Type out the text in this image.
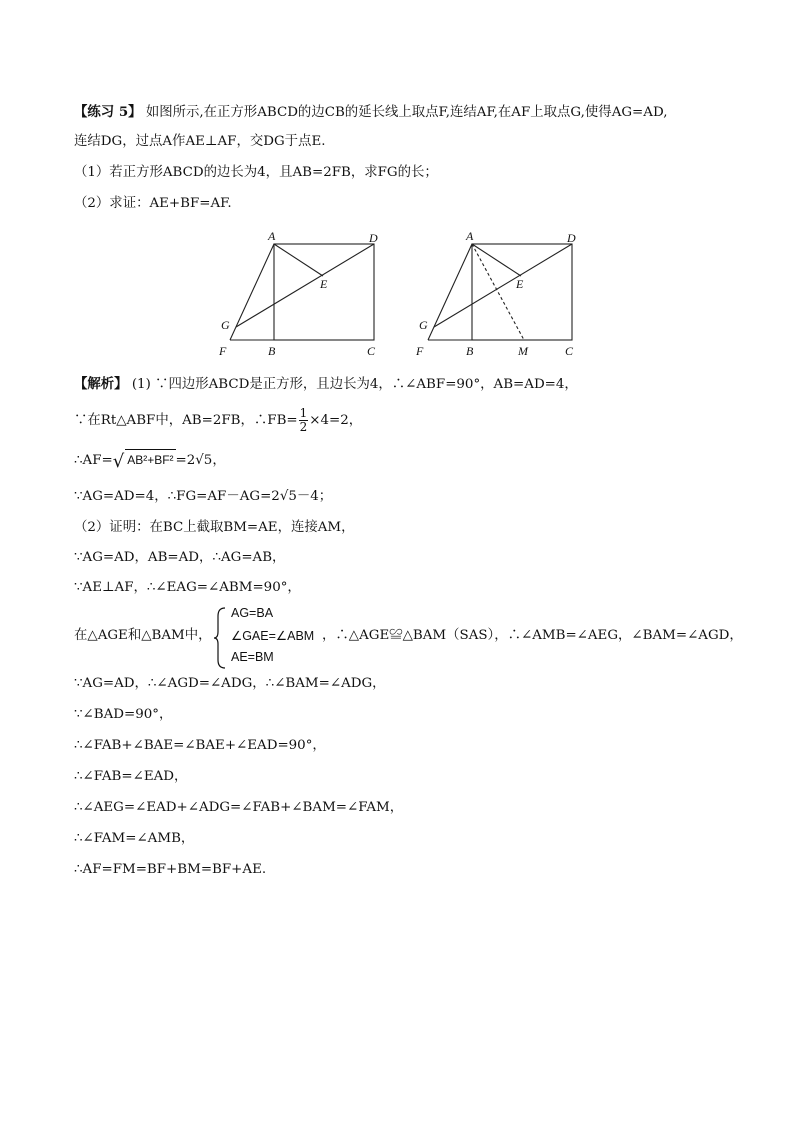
【练习 5】 如图所示,在正方形ABCD的边CB的延长线上取点F,连结AF,在AF上取点G,使得AG=AD,
连结DG，过点A作AE⊥AF，交DG于点E.
（1）若正方形ABCD的边长为4，且AB=2FB，求FG的长；
（2）求证：AE+BF=AF.
A	D
E
G
F	B	C
A	D
E
G
F	B	M	C
【解析】 (1) ∵四边形ABCD是正方形，且边长为4，∴∠ABF=90°，AB=AD=4，
∵在Rt△ABF中，AB=2FB，∴FB= $\frac{1}{2} \times 4=2$，
∴AF=√ AB²+BF² =2√5，
∵AG=AD=4，∴FG=AF－AG=2√5－4；
（2）证明：在BC上截取BM=AE，连接AM，
∵AG=AD，AB=AD，∴AG=AB，
∵AE⊥AF，∴∠EAG=∠ABM=90°，
在△AGE和△BAM中，
AG=BA
∠GAE=∠ABM
AE=BM
，∴△AGE≌△BAM（SAS），∴∠AMB=∠AEG，∠BAM=∠AGD，
∵AG=AD，∴∠AGD=∠ADG，∴∠BAM=∠ADG，
∵∠BAD=90°，
∴∠FAB+∠BAE=∠BAE+∠EAD=90°，
∴∠FAB=∠EAD，
∴∠AEG=∠EAD+∠ADG=∠FAB+∠BAM=∠FAM，
∴∠FAM=∠AMB，
∴AF=FM=BF+BM=BF+AE.
